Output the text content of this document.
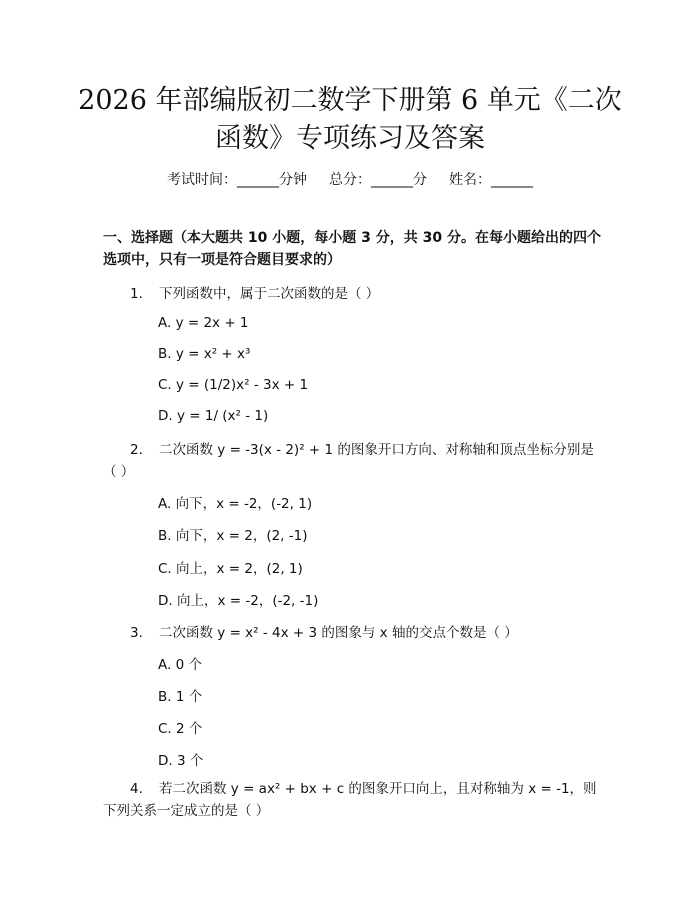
2026 年部编版初二数学下册第 6 单元《二次
函数》专项练习及答案
考试时间：______分钟 总分：______分 姓名：______
一、选择题（本大题共 10 小题，每小题 3 分，共 30 分。在每小题给出的四个选项中，只有一项是符合题目要求的）
1. 下列函数中，属于二次函数的是（ ）
A. y = 2x + 1
B. y = x² + x³
C. y = (1/2)x² - 3x + 1
D. y = 1/ (x² - 1)
2. 二次函数 y = -3(x - 2)² + 1 的图象开口方向、对称轴和顶点坐标分别是（ ）
A. 向下，x = -2，(-2, 1)
B. 向下，x = 2，(2, -1)
C. 向上，x = 2，(2, 1)
D. 向上，x = -2，(-2, -1)
3. 二次函数 y = x² - 4x + 3 的图象与 x 轴的交点个数是（ ）
A. 0 个
B. 1 个
C. 2 个
D. 3 个
4. 若二次函数 y = ax² + bx + c 的图象开口向上，且对称轴为 x = -1，则下列关系一定成立的是（ ）
